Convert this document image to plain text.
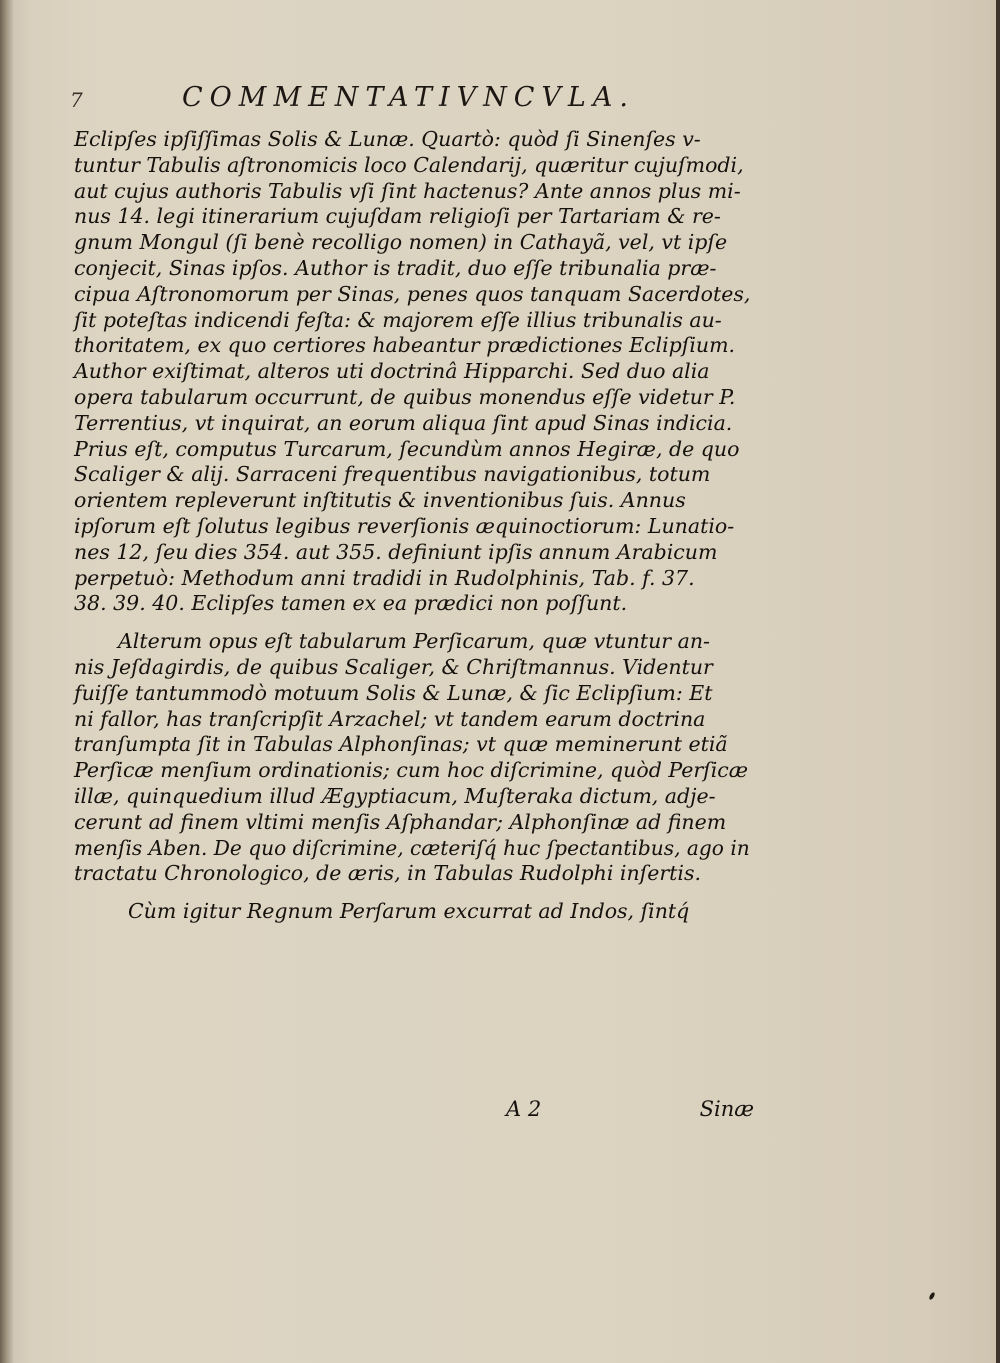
7	COMMENTATIVNCVLA.
Eclipſes ipſiſſimas Solis & Lunæ. Quartò: quòd ſi Sinenſes v-
tuntur Tabulis aſtronomicis loco Calendarij, quæritur cujuſmodi,
aut cujus authoris Tabulis vſi ſint hactenus? Ante annos plus mi-
nus 14. legi itinerarium cujuſdam religioſi per Tartariam & re-
gnum Mongul (ſi benè recolligo nomen) in Cathayã, vel, vt ipſe
conjecit, Sinas ipſos. Author is tradit, duo eſſe tribunalia præ-
cipua Aſtronomorum per Sinas, penes quos tanquam Sacerdotes,
ſit poteſtas indicendi feſta: & majorem eſſe illius tribunalis au-
thoritatem, ex quo certiores habeantur prædictiones Eclipſium.
Author exiſtimat, alteros uti doctrinâ Hipparchi. Sed duo alia
opera tabularum occurrunt, de quibus monendus eſſe videtur P.
Terrentius, vt inquirat, an eorum aliqua ſint apud Sinas indicia.
Prius eſt, computus Turcarum, ſecundùm annos Hegiræ, de quo
Scaliger & alij. Sarraceni frequentibus navigationibus, totum
orientem repleverunt inſtitutis & inventionibus ſuis. Annus
ipſorum eſt ſolutus legibus reverſionis æquinoctiorum: Lunatio-
nes 12, ſeu dies 354. aut 355. definiunt ipſis annum Arabicum
perpetuò: Methodum anni tradidi in Rudolphinis, Tab. f. 37.
38. 39. 40. Eclipſes tamen ex ea prædici non poſſunt.
Alterum opus eſt tabularum Perſicarum, quæ vtuntur an-
nis Jeſdagirdis, de quibus Scaliger, & Chriſtmannus. Videntur
fuiſſe tantummodò motuum Solis & Lunæ, & ſic Eclipſium: Et
ni fallor, has tranſcripſit Arzachel; vt tandem earum doctrina
tranſumpta ſit in Tabulas Alphonſinas; vt quæ meminerunt etiã
Perſicæ menſium ordinationis; cum hoc diſcrimine, quòd Perſicæ
illæ, quinquedium illud Ægyptiacum, Muſteraka dictum, adje-
cerunt ad finem vltimi menſis Aſphandar; Alphonſinæ ad finem
menſis Aben. De quo diſcrimine, cæteriſq́ huc ſpectantibus, ago in
tractatu Chronologico, de æris, in Tabulas Rudolphi inſertis.
Cùm igitur Regnum Perſarum excurrat ad Indos, ſintq́
A 2	Sinæ
